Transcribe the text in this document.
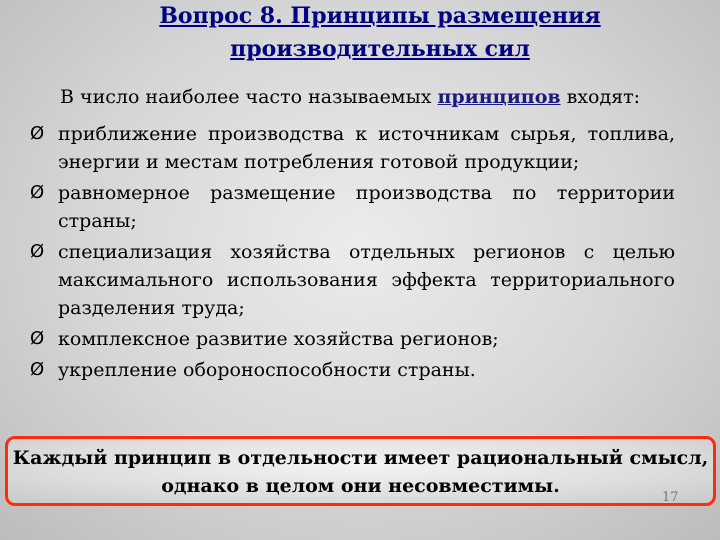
Вопрос 8. Принципы размещения
производительных сил
В число наиболее часто называемых принципов входят:
Ø приближение производства к источникам сырья, топлива, энергии и местам потребления готовой продукции;
Ø равномерное размещение производства по территории страны;
Ø специализация хозяйства отдельных регионов с целью максимального использования эффекта территориального разделения труда;
Ø комплексное развитие хозяйства регионов;
Ø укрепление обороноспособности страны.
Каждый принцип в отдельности имеет рациональный смысл,
однако в целом они несовместимы.
17
